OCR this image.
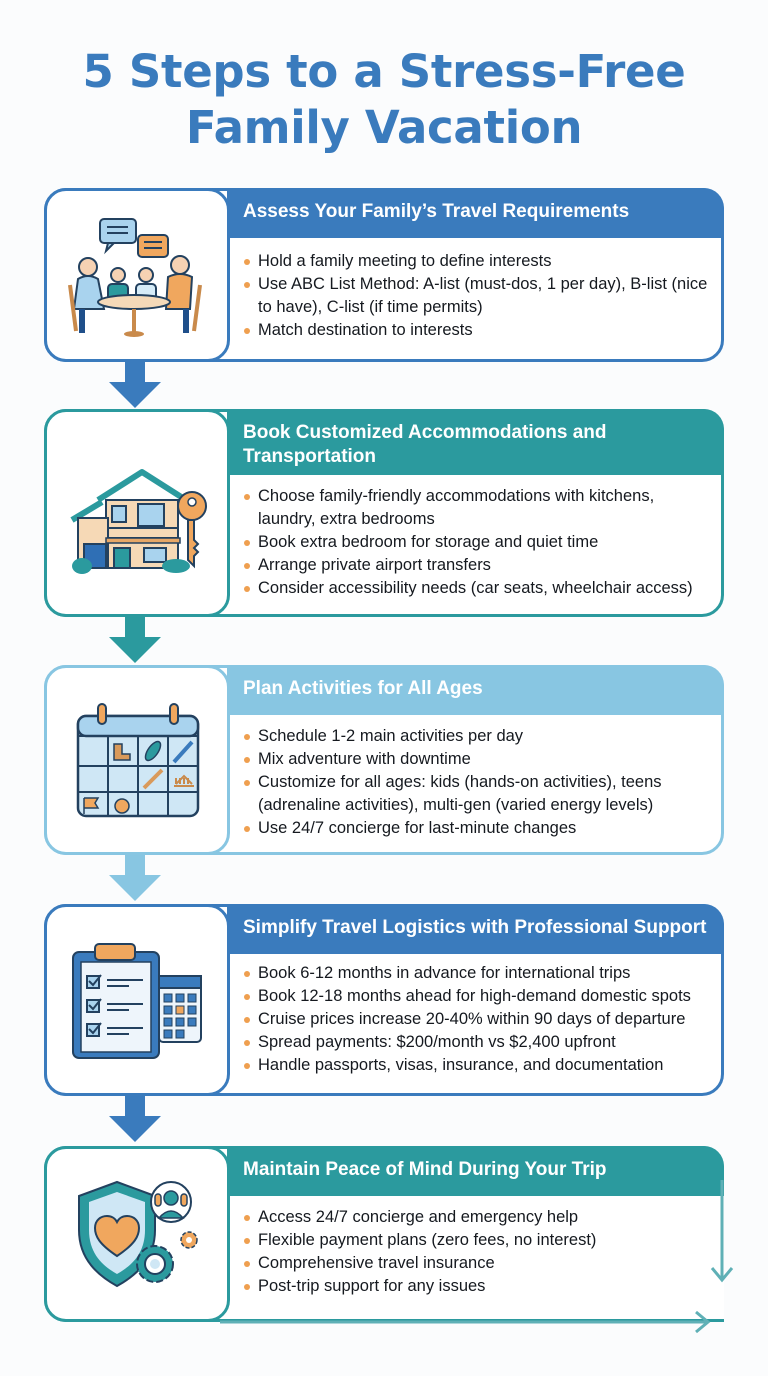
5 Steps to a Stress-Free
Family Vacation
Assess Your Family’s Travel Requirements
Hold a family meeting to define interests
Use ABC List Method: A-list (must-dos, 1 per day), B-list (nice to have), C-list (if time permits)
Match destination to interests
Book Customized Accommodations and Transportation
Choose family-friendly accommodations with kitchens, laundry, extra bedrooms
Book extra bedroom for storage and quiet time
Arrange private airport transfers
Consider accessibility needs (car seats, wheelchair access)
Plan Activities for All Ages
Schedule 1-2 main activities per day
Mix adventure with downtime
Customize for all ages: kids (hands-on activities), teens (adrenaline activities), multi-gen (varied energy levels)
Use 24/7 concierge for last-minute changes
Simplify Travel Logistics with Professional Support
Book 6-12 months in advance for international trips
Book 12-18 months ahead for high-demand domestic spots
Cruise prices increase 20-40% within 90 days of departure
Spread payments: $200/month vs $2,400 upfront
Handle passports, visas, insurance, and documentation
Maintain Peace of Mind During Your Trip
Access 24/7 concierge and emergency help
Flexible payment plans (zero fees, no interest)
Comprehensive travel insurance
Post-trip support for any issues
